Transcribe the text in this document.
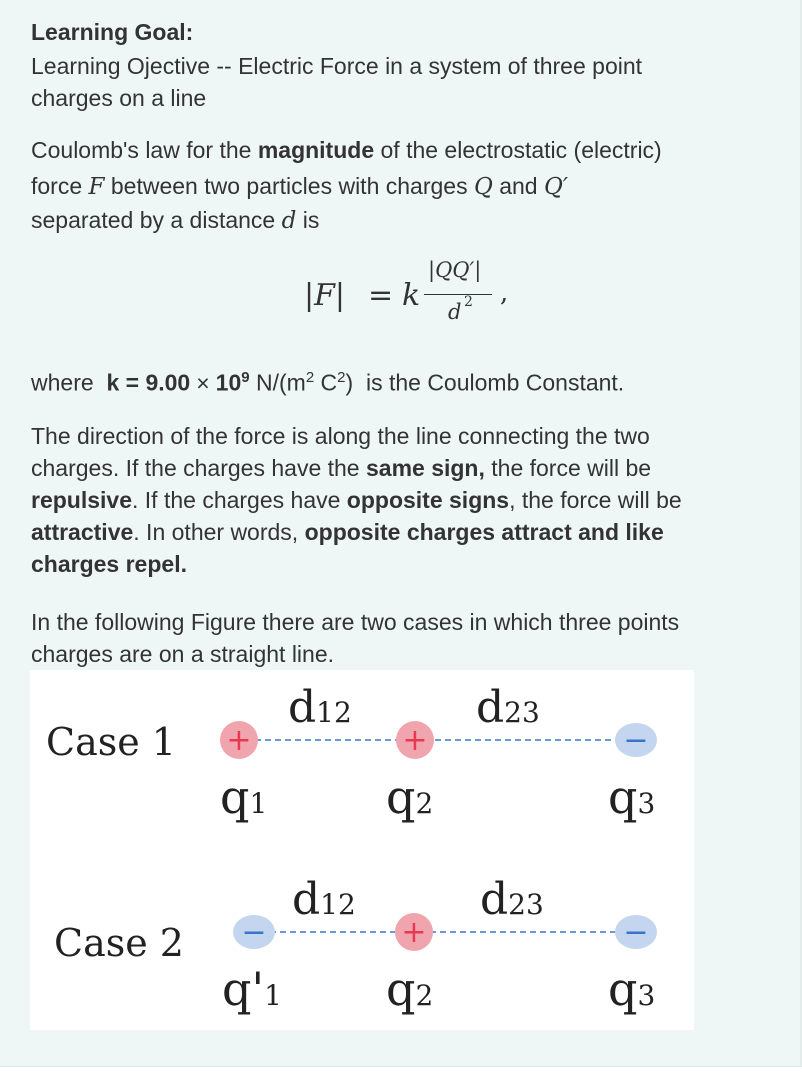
Learning Goal:

Learning Ojective -- Electric Force in a system of three point

charges on a line

Coulomb's law for the magnitude of the electrostatic (electric)

force F between two particles with charges Q and Q′

separated by a distance d is

|F| = k
|QQ′|
d 2 ,

where $k = 9.00 \times 10^9$ $N/(m^2$ $C^2$) is the Coulomb Constant.

The direction of the force is along the line connecting the two

charges. If the charges have the same sign, the force will be

repulsive. If the charges have opposite signs, the force will be

attractive. In other words, opposite charges attract and like

charges repel.

In the following Figure there are two cases in which three points

charges are on a straight line.

Case 1
d12	d23
+	+	−
q1	q2	q3
Case 2
d12	d23
−	+	−
q'1 q2	q3
